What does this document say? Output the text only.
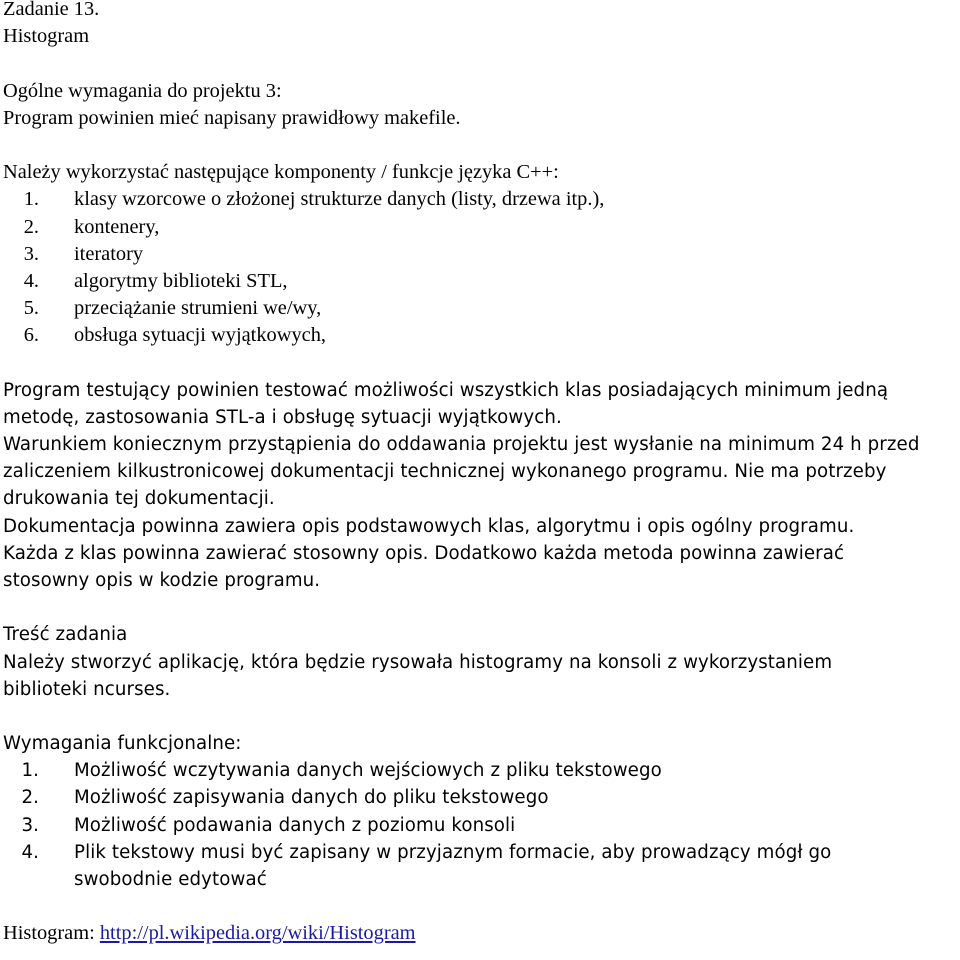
Zadanie 13.
Histogram
Ogólne wymagania do projektu 3:
Program powinien mieć napisany prawidłowy makefile.
Należy wykorzystać następujące komponenty / funkcje języka C++:
1.	klasy wzorcowe o złożonej strukturze danych (listy, drzewa itp.),
2.	kontenery,
3.	iteratory
4.	algorytmy biblioteki STL,
5.	przeciążanie strumieni we/wy,
6.	obsługa sytuacji wyjątkowych,
Program testujący powinien testować możliwości wszystkich klas posiadających minimum jedną
metodę, zastosowania STL-a i obsługę sytuacji wyjątkowych.
Warunkiem koniecznym przystąpienia do oddawania projektu jest wysłanie na minimum 24 h przed
zaliczeniem kilkustronicowej dokumentacji technicznej wykonanego programu. Nie ma potrzeby
drukowania tej dokumentacji.
Dokumentacja powinna zawiera opis podstawowych klas, algorytmu i opis ogólny programu.
Każda z klas powinna zawierać stosowny opis. Dodatkowo każda metoda powinna zawierać
stosowny opis w kodzie programu.
Treść zadania
Należy stworzyć aplikację, która będzie rysowała histogramy na konsoli z wykorzystaniem
biblioteki ncurses.
Wymagania funkcjonalne:
1.	Możliwość wczytywania danych wejściowych z pliku tekstowego
2.	Możliwość zapisywania danych do pliku tekstowego
3.	Możliwość podawania danych z poziomu konsoli
4.	Plik tekstowy musi być zapisany w przyjaznym formacie, aby prowadzący mógł go
swobodnie edytować
Histogram: http://pl.wikipedia.org/wiki/Histogram
